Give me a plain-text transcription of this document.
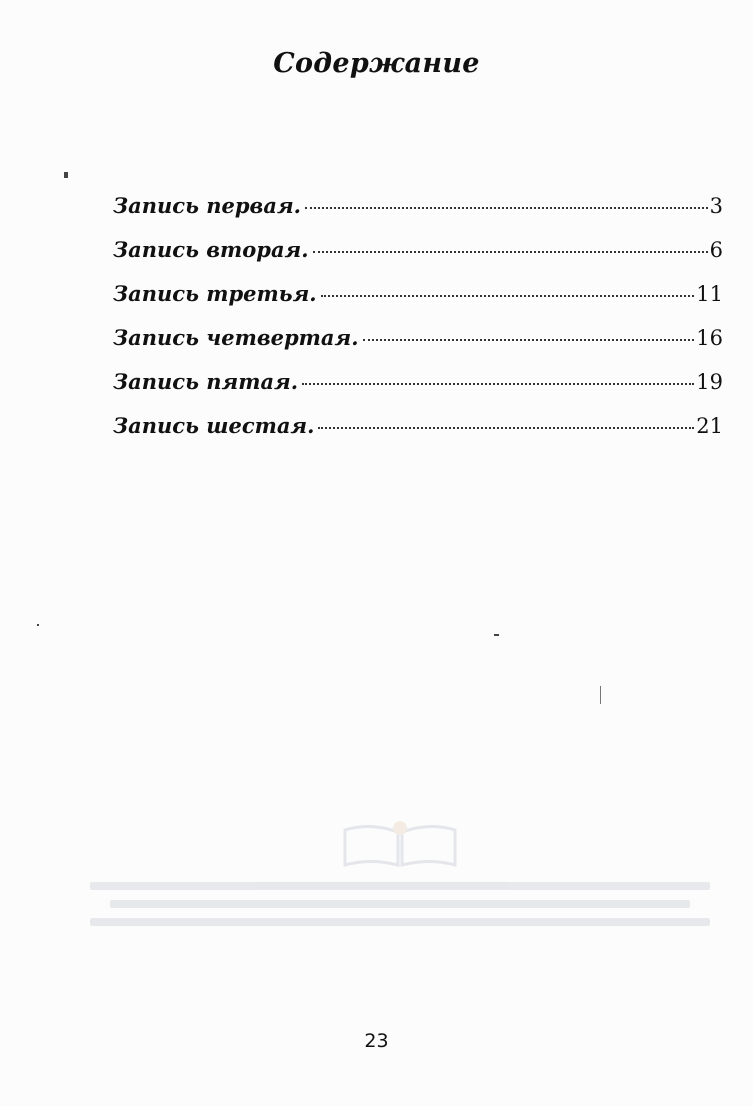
Содержание
Запись первая.	3
Запись вторая.	6
Запись третья.	11
Запись четвертая.	16
Запись пятая.	19
Запись шестая.	21

23
